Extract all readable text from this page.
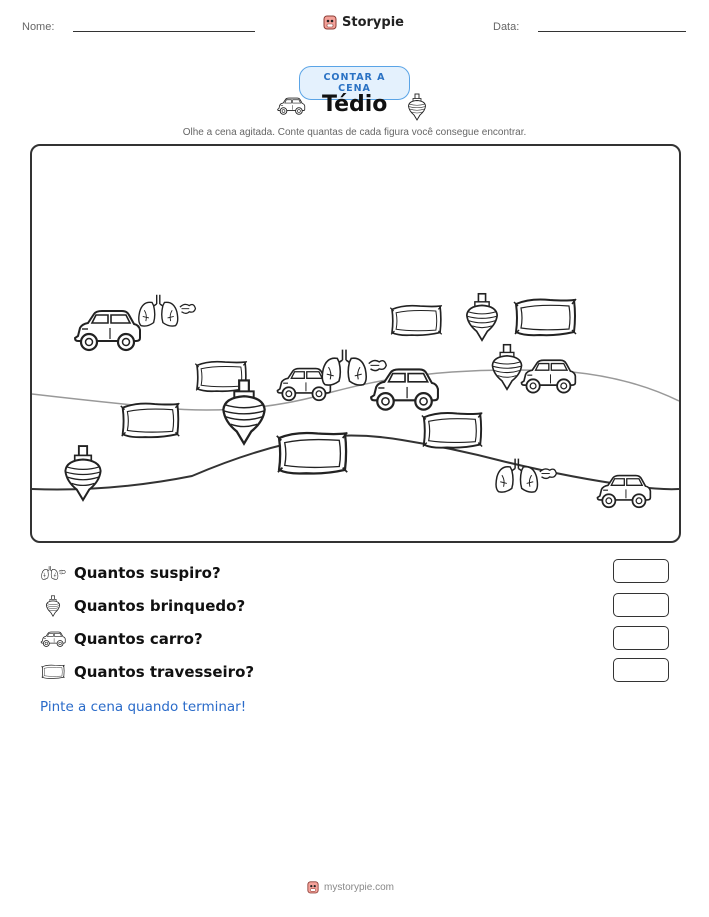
Nome:	Storypie	Data:
CONTAR A CENA
Tédio
Olhe a cena agitada. Conte quantas de cada figura você consegue encontrar.
Quantos suspiro?
Quantos brinquedo?
Quantos carro?
Quantos travesseiro?
Pinte a cena quando terminar!
mystorypie.com
